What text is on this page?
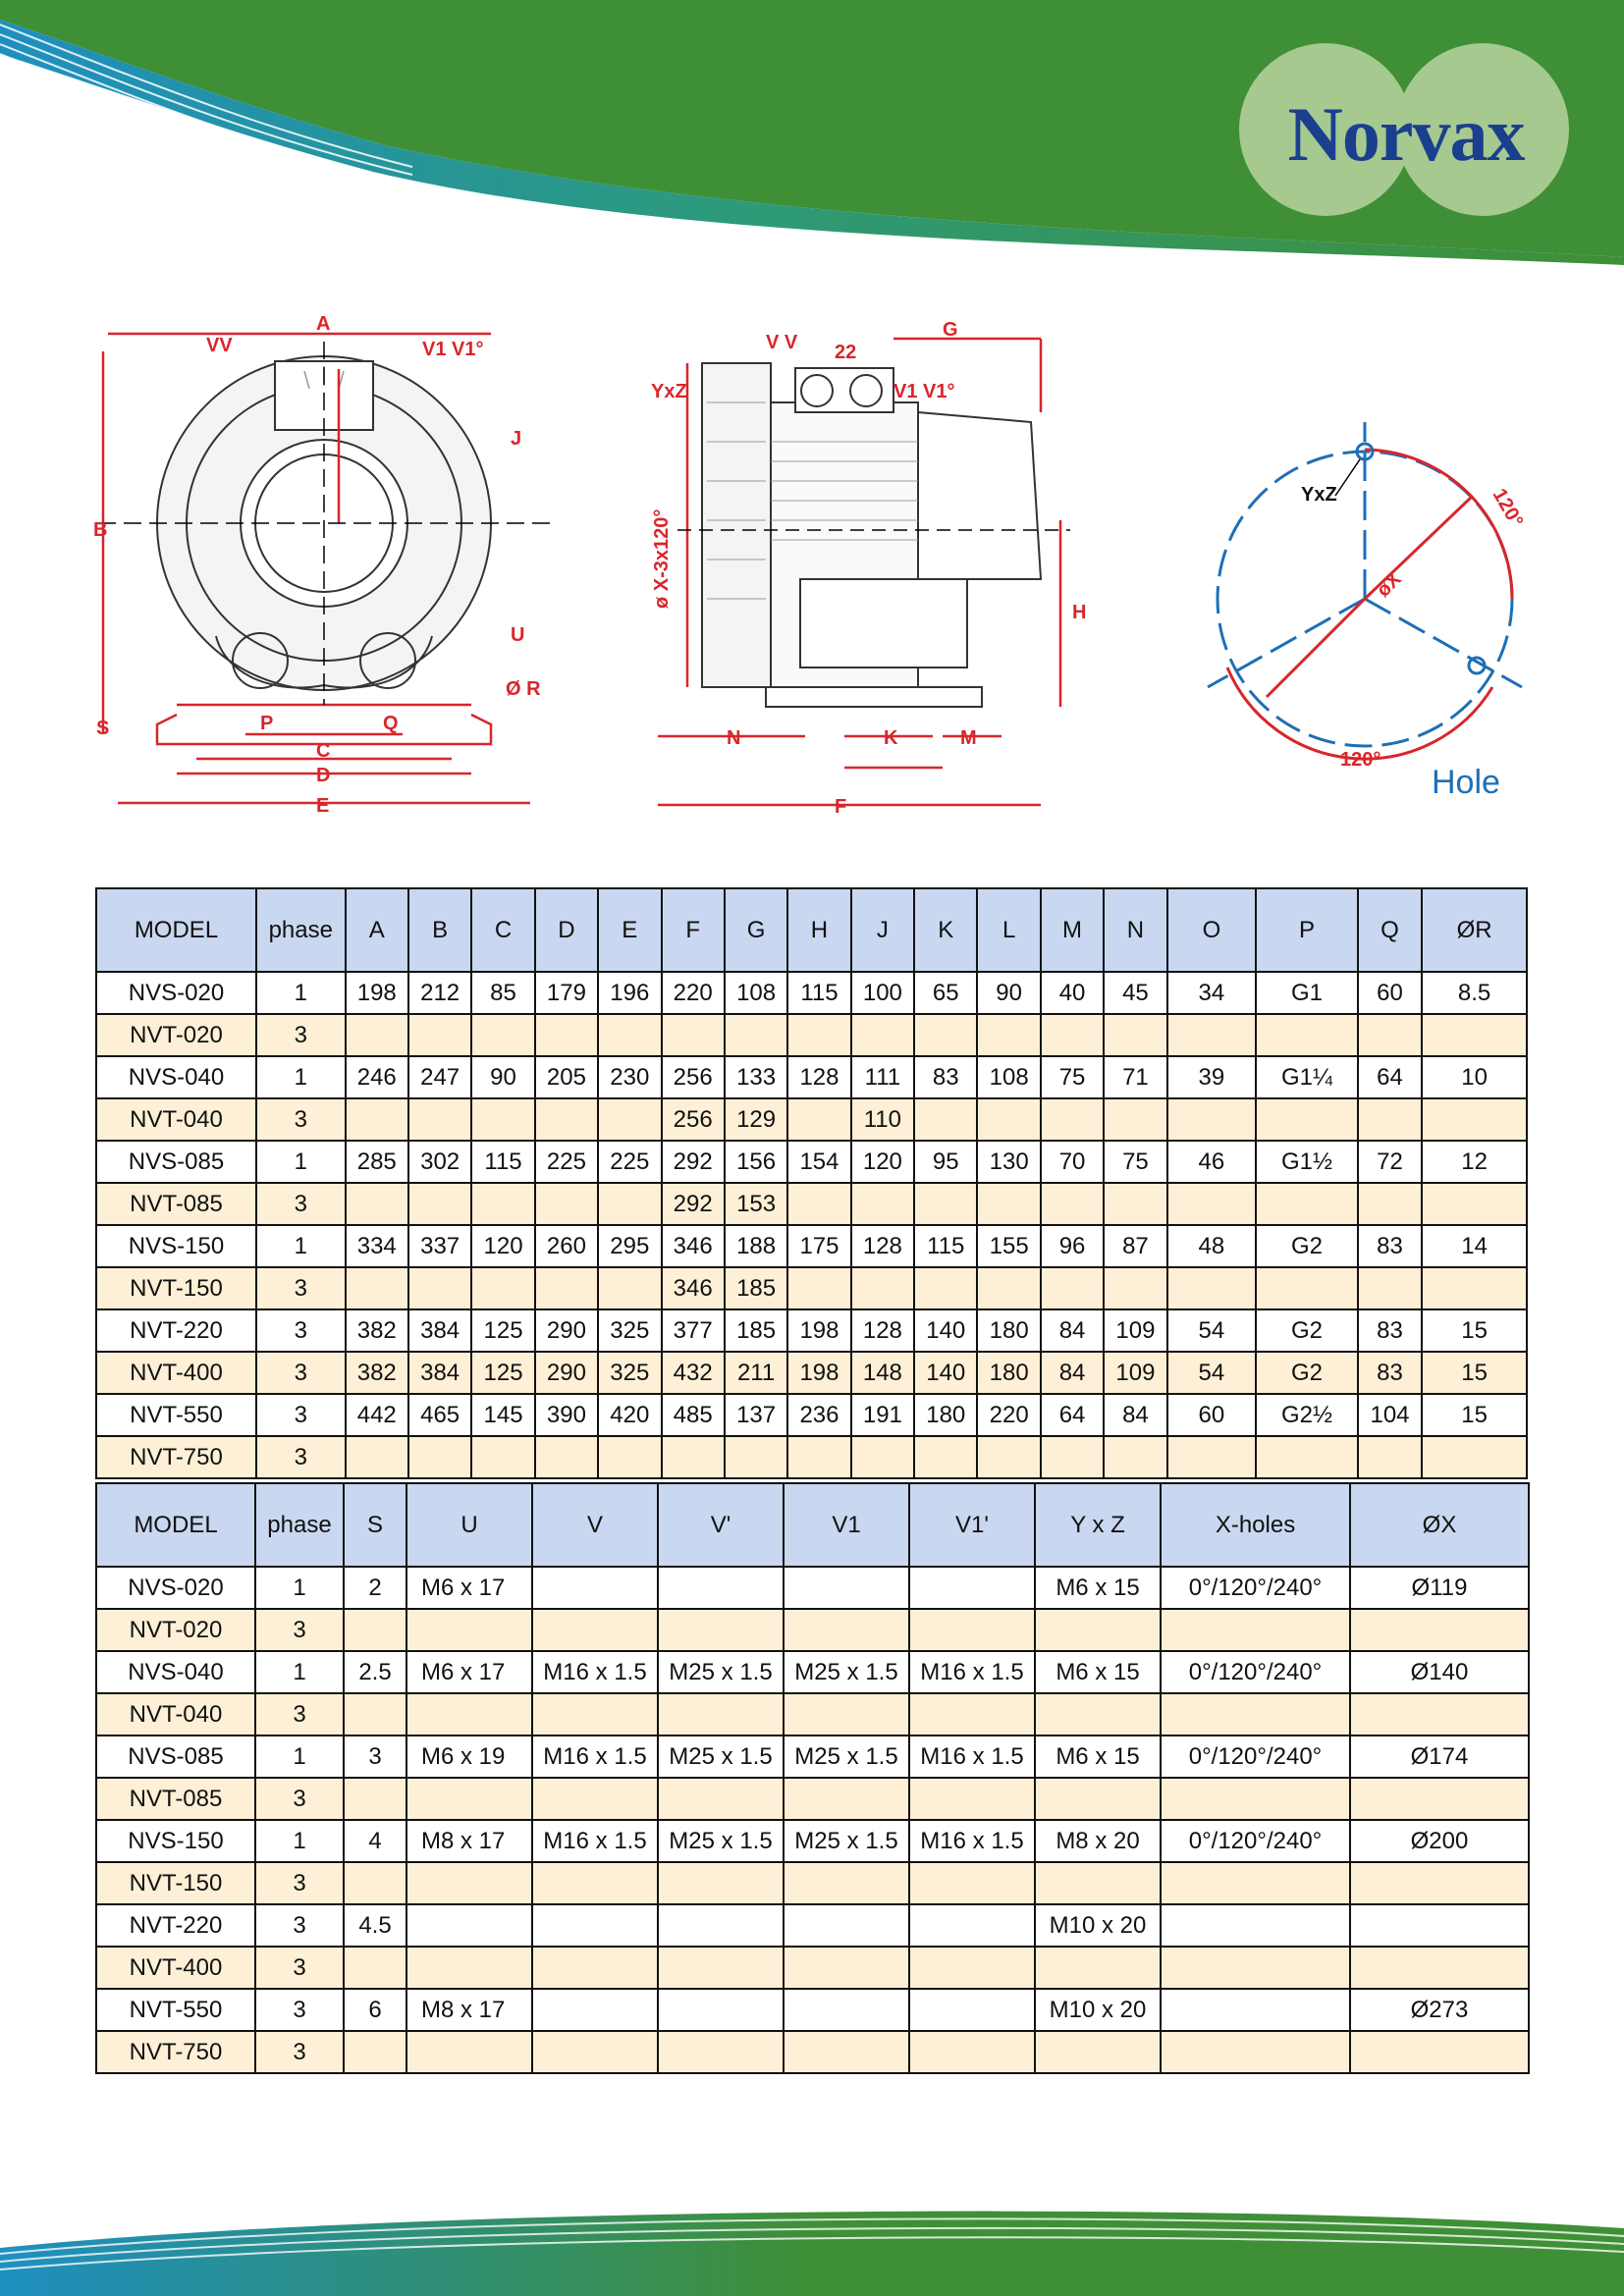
Norvax
A
B
VV	V1 V1°
J
U
C
D
E
P	Q
S
Ø R
V V 22
G
V1 V1°
YxZ
ø X-3x120°
H
N	K	M
F
YxZ	120°
øX
120°
Hole
MODEL	phase	A	B	C	D	E	F	G	H	J	K	L	M	N	O	P	Q	ØR
NVS-020	1	198	212	85	179	196	220	108	115	100	65	90	40	45	34	G1	60	8.5
NVT-020	3																	
NVS-040	1	246	247	90	205	230	256	133	128	111	83	108	75	71	39	G1¼	64	10
NVT-040	3						256	129		110								
NVS-085	1	285	302	115	225	225	292	156	154	120	95	130	70	75	46	G1½	72	12
NVT-085	3						292	153										
NVS-150	1	334	337	120	260	295	346	188	175	128	115	155	96	87	48	G2	83	14
NVT-150	3						346	185										
NVT-220	3	382	384	125	290	325	377	185	198	128	140	180	84	109	54	G2	83	15
NVT-400	3	382	384	125	290	325	432	211	198	148	140	180	84	109	54	G2	83	15
NVT-550	3	442	465	145	390	420	485	137	236	191	180	220	64	84	60	G2½	104	15
NVT-750	3																	
MODEL	phase	S	U	V	V'	V1	V1'	Y x Z	X-holes	ØX
NVS-020	1	2	M6 x 17					M6 x 15	0°/120°/240°	Ø119
NVT-020	3									
NVS-040	1	2.5	M6 x 17	M16 x 1.5	M25 x 1.5	M25 x 1.5	M16 x 1.5	M6 x 15	0°/120°/240°	Ø140
NVT-040	3									
NVS-085	1	3	M6 x 19	M16 x 1.5	M25 x 1.5	M25 x 1.5	M16 x 1.5	M6 x 15	0°/120°/240°	Ø174
NVT-085	3									
NVS-150	1	4	M8 x 17	M16 x 1.5	M25 x 1.5	M25 x 1.5	M16 x 1.5	M8 x 20	0°/120°/240°	Ø200
NVT-150	3									
NVT-220	3	4.5						M10 x 20		
NVT-400	3									
NVT-550	3	6	M8 x 17					M10 x 20		Ø273
NVT-750	3									
